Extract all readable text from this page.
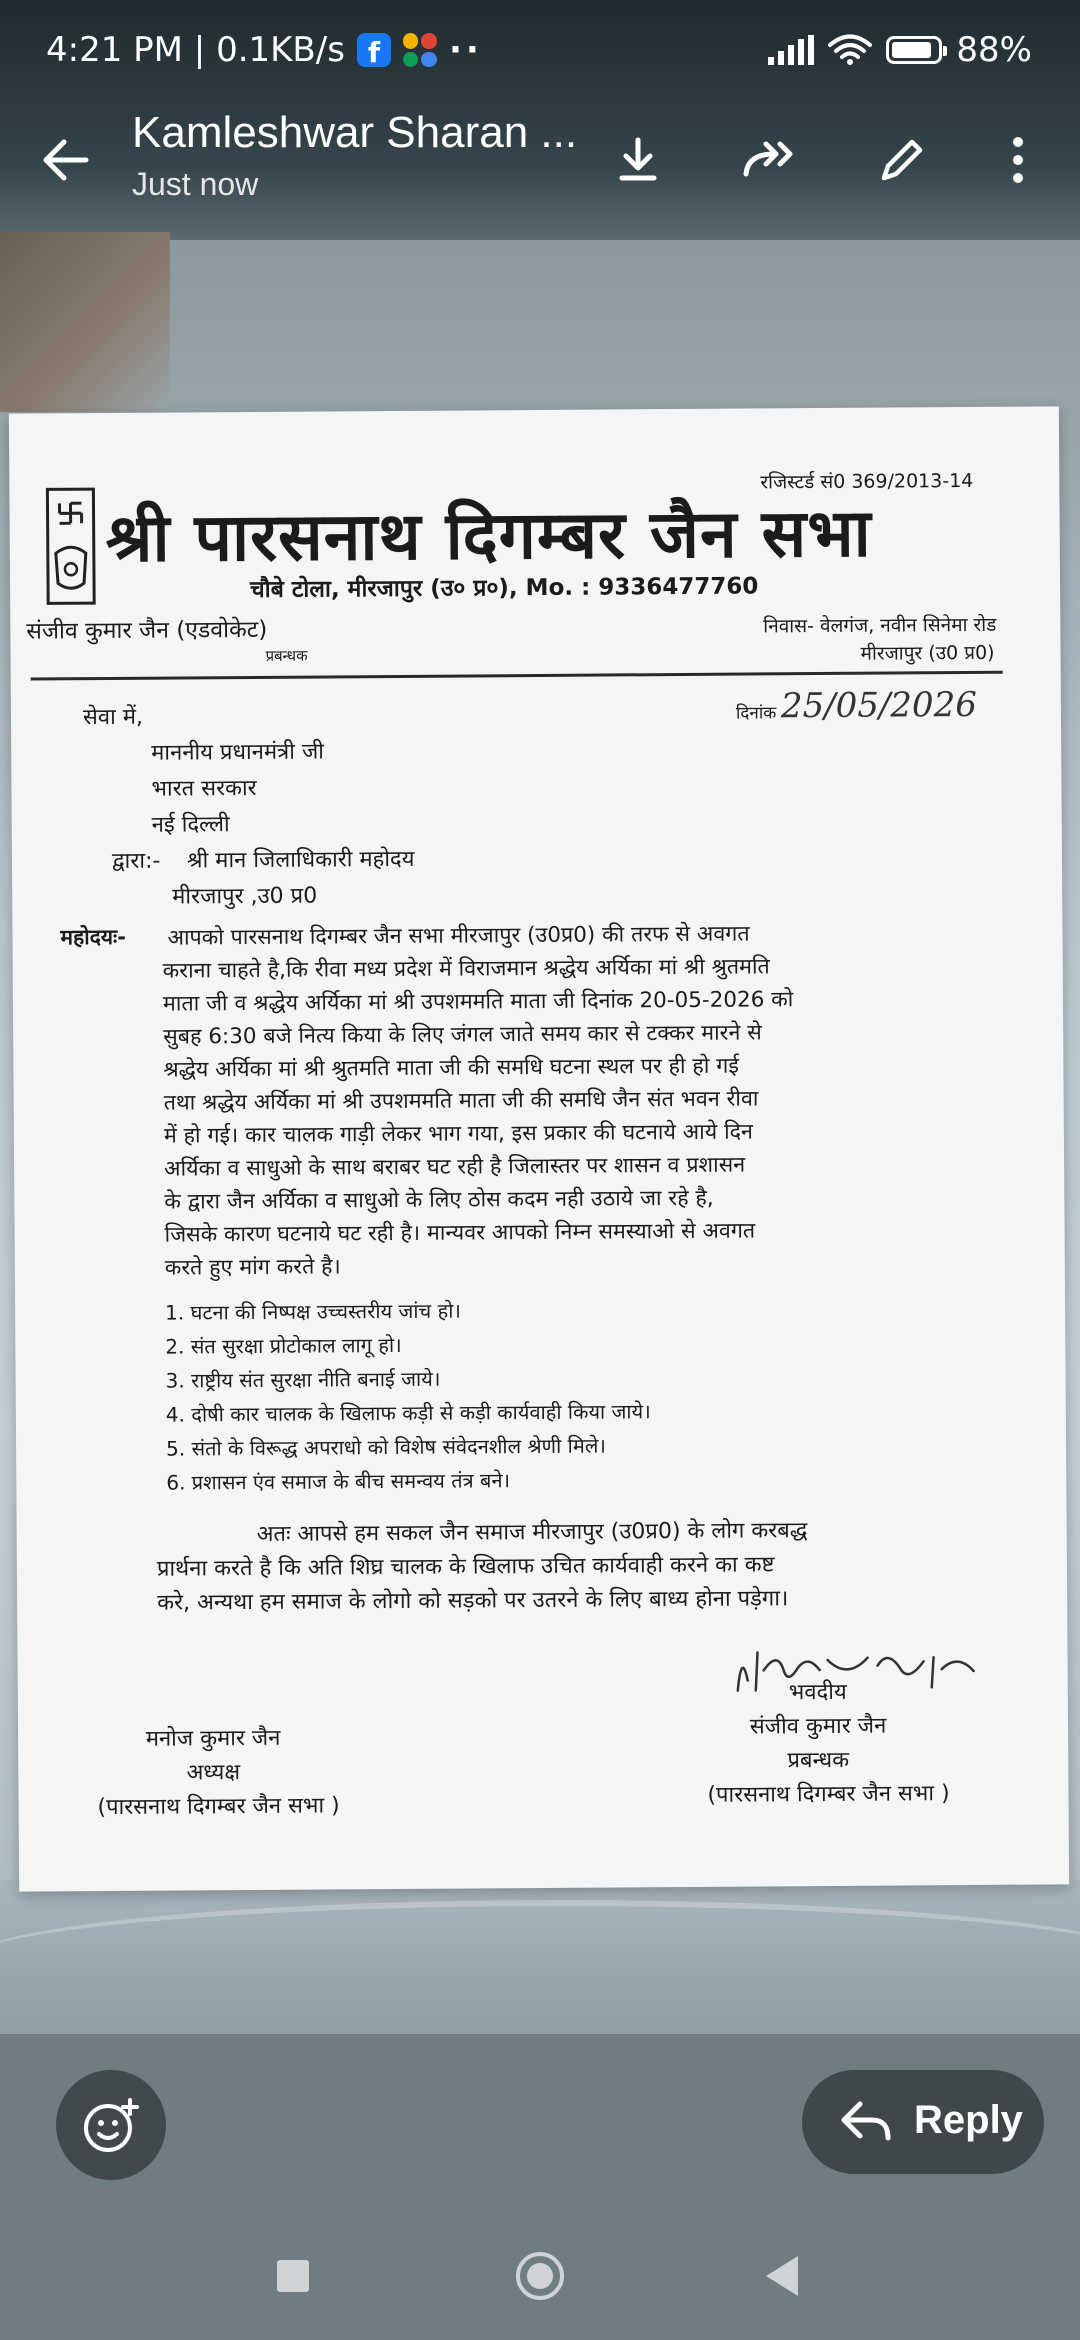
4:21 PM | 0.1KB/s f	··	88%
Kamleshwar Sharan ...
Just now
रजिस्टर्ड सं0 369/2013-14
श्री पारसनाथ दिगम्बर जैन सभा
चौबे टोला, मीरजापुर (उ० प्र०), Mo. : 9336477760
संजीव कुमार जैन (एडवोकेट)
प्रबन्धक
निवास- वेलगंज, नवीन सिनेमा रोड
मीरजापुर (उ0 प्र0)
सेवा में,	दिनांक 25/05/2026
माननीय प्रधानमंत्री जी
भारत सरकार
नई दिल्ली
द्वारा:- श्री मान जिलाधिकारी महोदय
मीरजापुर ,उ0 प्र0
महोदयः- आपको पारसनाथ दिगम्बर जैन सभा मीरजापुर (उ0प्र0) की तरफ से अवगत
कराना चाहते है,कि रीवा मध्य प्रदेश में विराजमान श्रद्धेय अर्यिका मां श्री श्रुतमति
माता जी व श्रद्धेय अर्यिका मां श्री उपशममति माता जी दिनांक 20-05-2026 को
सुबह 6:30 बजे नित्य किया के लिए जंगल जाते समय कार से टक्कर मारने से
श्रद्धेय अर्यिका मां श्री श्रुतमति माता जी की समधि घटना स्थल पर ही हो गई
तथा श्रद्धेय अर्यिका मां श्री उपशममति माता जी की समधि जैन संत भवन रीवा
में हो गई। कार चालक गाड़ी लेकर भाग गया, इस प्रकार की घटनाये आये दिन
अर्यिका व साधुओ के साथ बराबर घट रही है जिलास्तर पर शासन व प्रशासन
के द्वारा जैन अर्यिका व साधुओ के लिए ठोस कदम नही उठाये जा रहे है,
जिसके कारण घटनाये घट रही है। मान्यवर आपको निम्न समस्याओ से अवगत
करते हुए मांग करते है।
1. घटना की निष्पक्ष उच्चस्तरीय जांच हो।
2. संत सुरक्षा प्रोटोकाल लागू हो।
3. राष्ट्रीय संत सुरक्षा नीति बनाई जाये।
4. दोषी कार चालक के खिलाफ कड़ी से कड़ी कार्यवाही किया जाये।
5. संतो के विरूद्ध अपराधो को विशेष संवेदनशील श्रेणी मिले।
6. प्रशासन एंव समाज के बीच समन्वय तंत्र बने।
अतः आपसे हम सकल जैन समाज मीरजापुर (उ0प्र0) के लोग करबद्ध
प्रार्थना करते है कि अति शिघ्र चालक के खिलाफ उचित कार्यवाही करने का कष्ट
करे, अन्यथा हम समाज के लोगो को सड़को पर उतरने के लिए बाध्य होना पड़ेगा।
भवदीय
संजीव कुमार जैन
प्रबन्धक
(पारसनाथ दिगम्बर जैन सभा )
मनोज कुमार जैन
अध्यक्ष
(पारसनाथ दिगम्बर जैन सभा )
Reply
